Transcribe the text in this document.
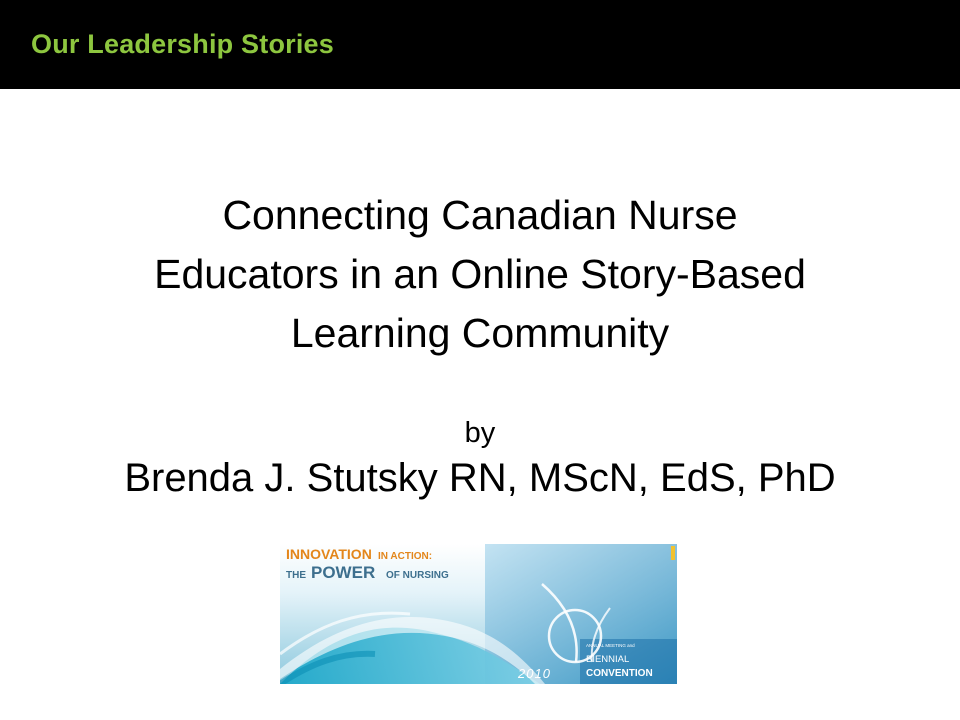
Our Leadership Stories
Connecting Canadian Nurse
Educators in an Online Story-Based
Learning Community
by
Brenda J. Stutsky RN, MScN, EdS, PhD
INNOVATION IN ACTION:
THE POWER OF NURSING
2010
ANNUAL MEETING and
BIENNIAL
CONVENTION
